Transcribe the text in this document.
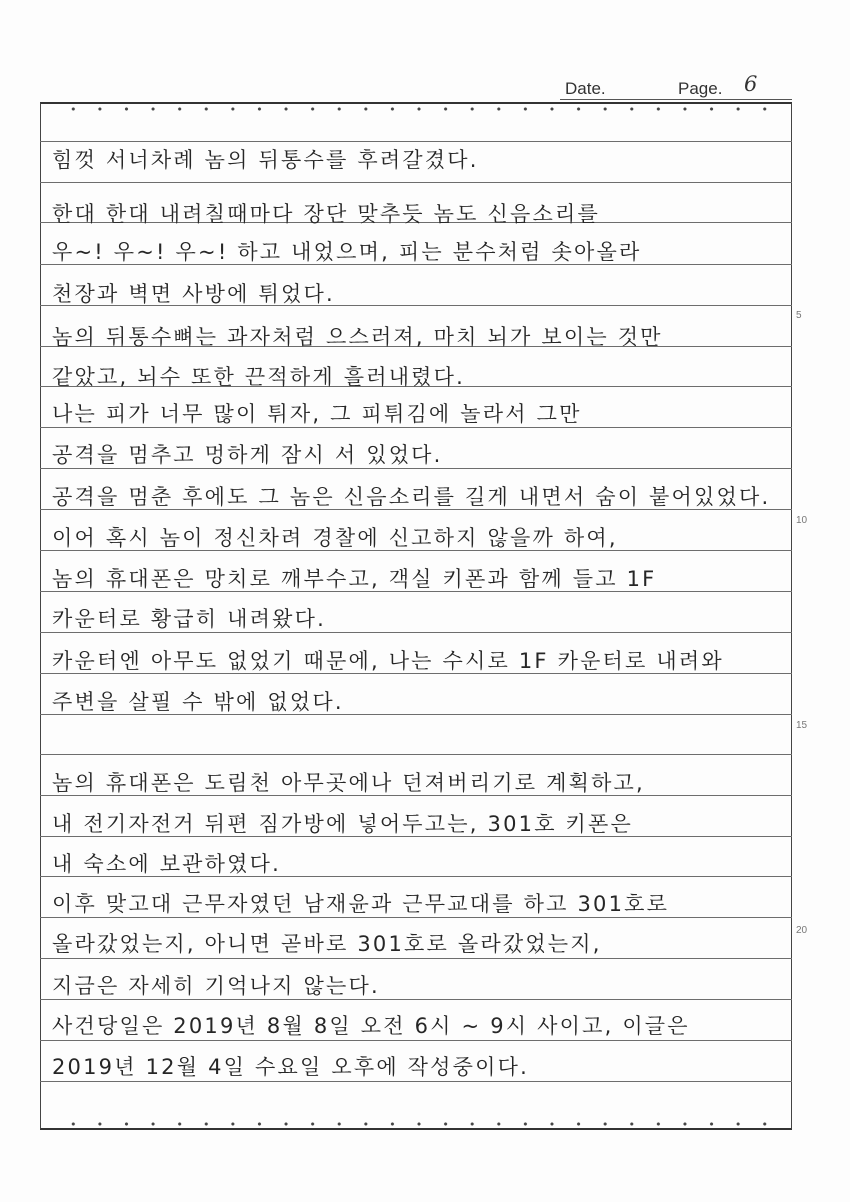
Date.	Page. 6
힘껏 서너차례 놈의 뒤통수를 후려갈겼다.
한대 한대 내려칠때마다 장단 맞추듯 놈도 신음소리를
우~! 우~! 우~! 하고 내었으며, 피는 분수처럼 솟아올라
천장과 벽면 사방에 튀었다.
놈의 뒤통수뼈는 과자처럼 으스러져, 마치 뇌가 보이는 것만
같았고, 뇌수 또한 끈적하게 흘러내렸다.
나는 피가 너무 많이 튀자, 그 피튀김에 놀라서 그만
공격을 멈추고 멍하게 잠시 서 있었다.
공격을 멈춘 후에도 그 놈은 신음소리를 길게 내면서 숨이 붙어있었다.
이어 혹시 놈이 정신차려 경찰에 신고하지 않을까 하여,
놈의 휴대폰은 망치로 깨부수고, 객실 키폰과 함께 들고 1F
카운터로 황급히 내려왔다.
카운터엔 아무도 없었기 때문에, 나는 수시로 1F 카운터로 내려와
주변을 살필 수 밖에 없었다.
놈의 휴대폰은 도림천 아무곳에나 던져버리기로 계획하고,
내 전기자전거 뒤편 짐가방에 넣어두고는, 301호 키폰은
내 숙소에 보관하였다.
이후 맞고대 근무자였던 남재윤과 근무교대를 하고 301호로
올라갔었는지, 아니면 곧바로 301호로 올라갔었는지,
지금은 자세히 기억나지 않는다.
사건당일은 2019년 8월 8일 오전 6시 ~ 9시 사이고, 이글은
2019년 12월 4일 수요일 오후에 작성중이다.
5
10
15
20
